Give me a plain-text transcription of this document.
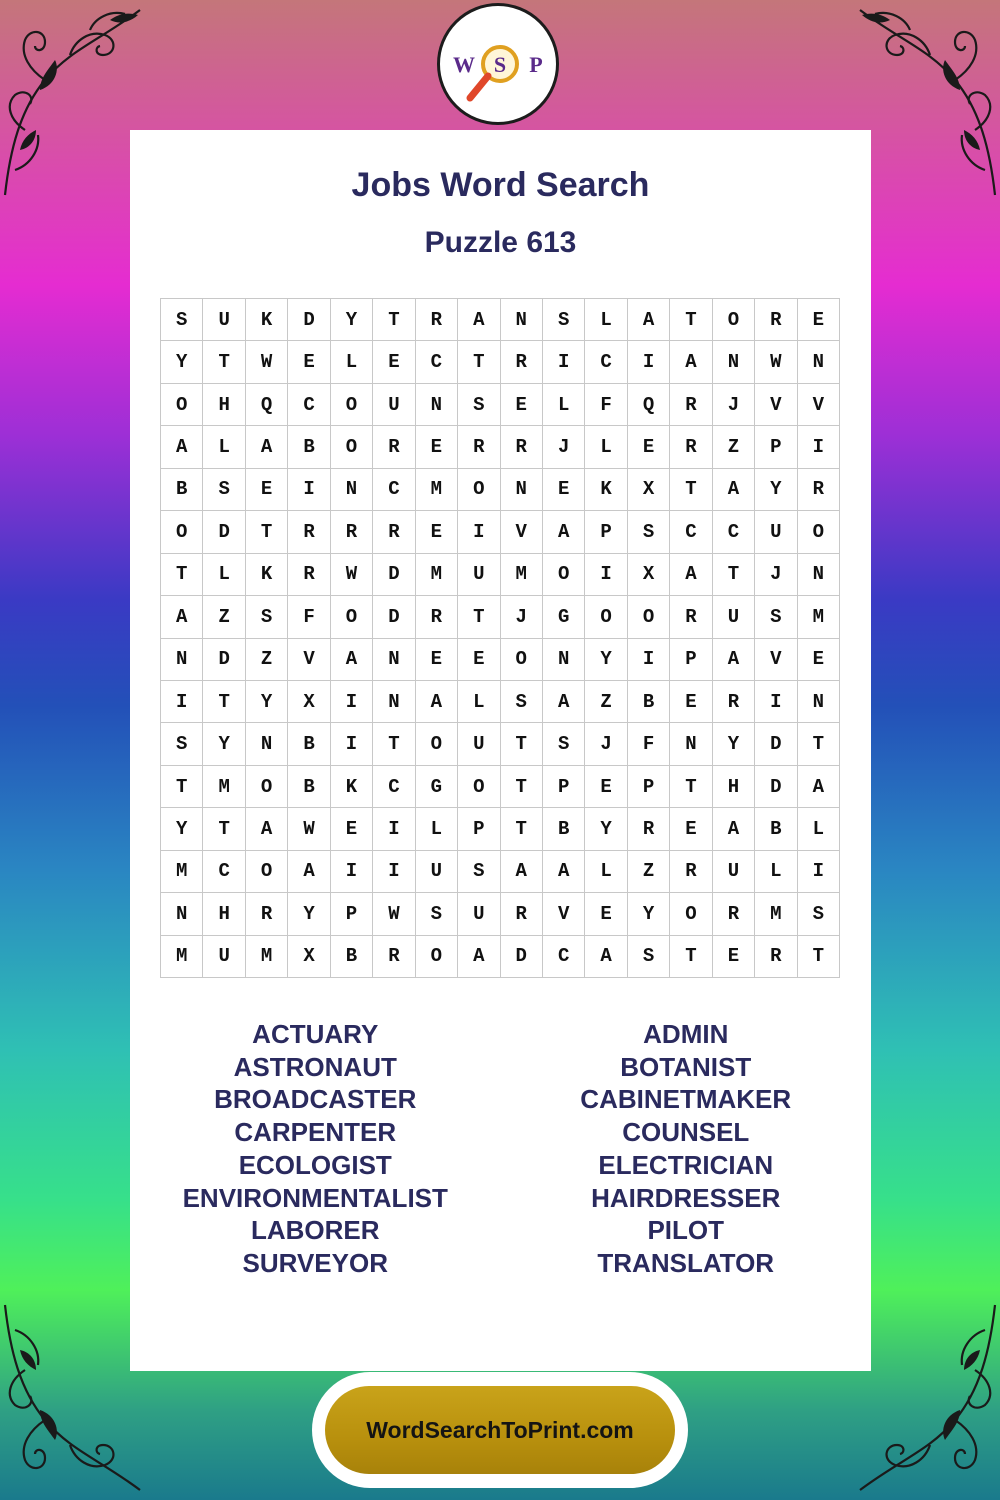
W S P
Jobs Word Search
Puzzle 613
S	U	K	D	Y	T	R	A	N	S	L	A	T	O	R	E
Y	T	W	E	L	E	C	T	R	I	C	I	A	N	W	N
O	H	Q	C	O	U	N	S	E	L	F	Q	R	J	V	V
A	L	A	B	O	R	E	R	R	J	L	E	R	Z	P	I
B	S	E	I	N	C	M	O	N	E	K	X	T	A	Y	R
O	D	T	R	R	R	E	I	V	A	P	S	C	C	U	O
T	L	K	R	W	D	M	U	M	O	I	X	A	T	J	N
A	Z	S	F	O	D	R	T	J	G	O	O	R	U	S	M
N	D	Z	V	A	N	E	E	O	N	Y	I	P	A	V	E
I	T	Y	X	I	N	A	L	S	A	Z	B	E	R	I	N
S	Y	N	B	I	T	O	U	T	S	J	F	N	Y	D	T
T	M	O	B	K	C	G	O	T	P	E	P	T	H	D	A
Y	T	A	W	E	I	L	P	T	B	Y	R	E	A	B	L
M	C	O	A	I	I	U	S	A	A	L	Z	R	U	L	I
N	H	R	Y	P	W	S	U	R	V	E	Y	O	R	M	S
M	U	M	X	B	R	O	A	D	C	A	S	T	E	R	T
ACTUARY
ASTRONAUT
BROADCASTER
CARPENTER
ECOLOGIST
ENVIRONMENTALIST
LABORER
SURVEYOR
ADMIN
BOTANIST
CABINETMAKER
COUNSEL
ELECTRICIAN
HAIRDRESSER
PILOT
TRANSLATOR
WordSearchToPrint.com
